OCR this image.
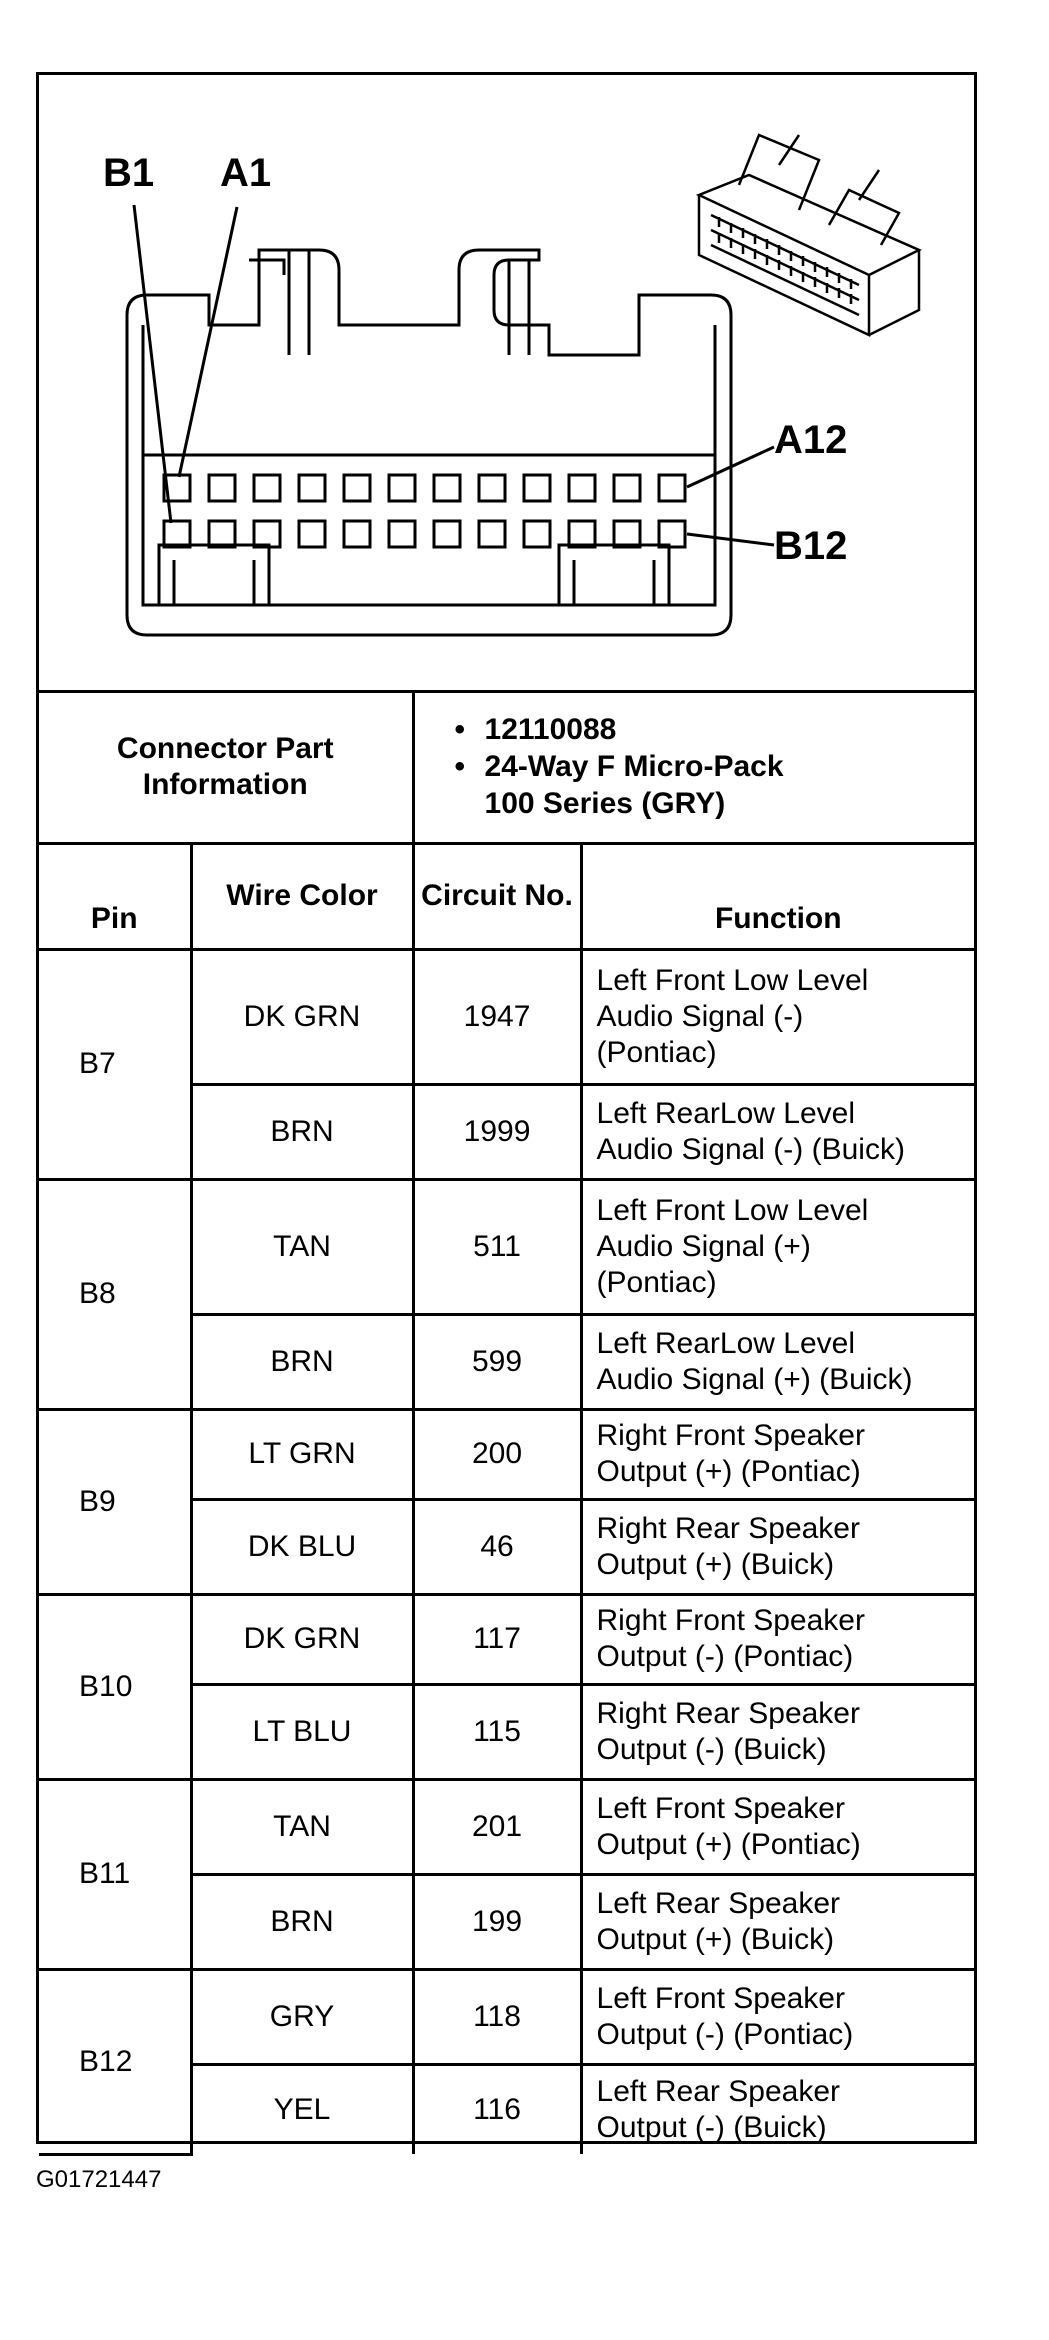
B1 A1
A12
B12
Connector Part Information		• 12110088
• 24-Way F Micro-Pack
100 Series (GRY)

Pin	Wire Color	Circuit No.	Function
B7	DK GRN	1947	Left Front Low Level
Audio Signal (-)
(Pontiac)

	BRN	1999	Left RearLow Level
Audio Signal (-) (Buick)

B8	TAN	511	Left Front Low Level
Audio Signal (+)
(Pontiac)

	BRN	599	Left RearLow Level
Audio Signal (+) (Buick)

B9	LT GRN	200	Right Front Speaker
Output (+) (Pontiac)

	DK BLU	46	Right Rear Speaker
Output (+) (Buick)

B10	DK GRN	117	Right Front Speaker
Output (-) (Pontiac)

	LT BLU	115	Right Rear Speaker
Output (-) (Buick)

B11	TAN	201	Left Front Speaker
Output (+) (Pontiac)

	BRN	199	Left Rear Speaker
Output (+) (Buick)

B12	GRY	118	Left Front Speaker
Output (-) (Pontiac)

	YEL	116	Left Rear Speaker
Output (-) (Buick)
G01721447
